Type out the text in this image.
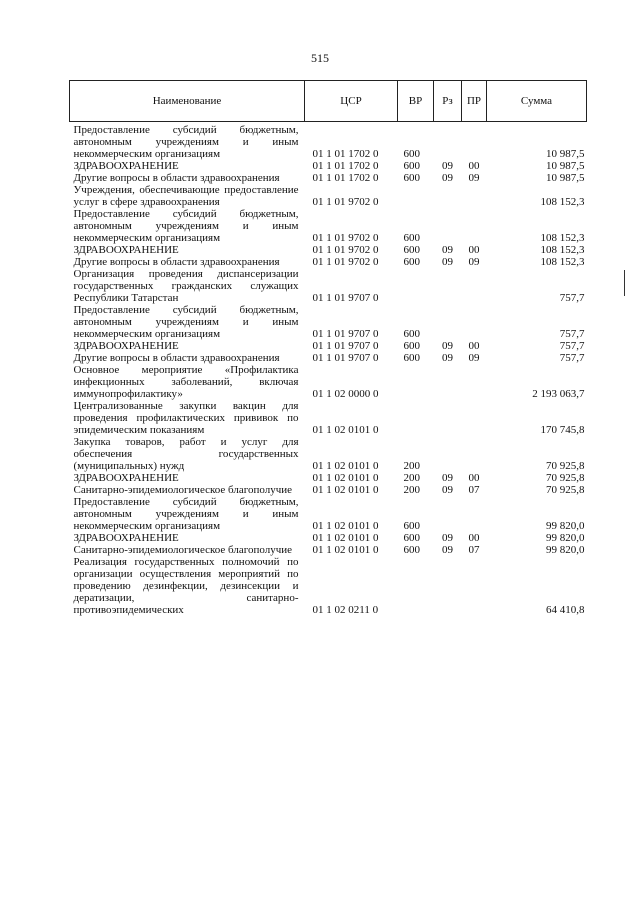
515
Наименование	ЦСР	ВР	Рз	ПР	Сумма
Предоставление субсидий бюджетным, автономным учреждениям и иным некоммерческим организациям	01 1 01 1702 0	600			10 987,5
ЗДРАВООХРАНЕНИЕ	01 1 01 1702 0	600	09	00	10 987,5
Другие вопросы в области здравоохранения	01 1 01 1702 0	600	09	09	10 987,5
Учреждения, обеспечивающие предоставление услуг в сфере здравоохранения	01 1 01 9702 0				108 152,3
Предоставление субсидий бюджетным, автономным учреждениям и иным некоммерческим организациям	01 1 01 9702 0	600			108 152,3
ЗДРАВООХРАНЕНИЕ	01 1 01 9702 0	600	09	00	108 152,3
Другие вопросы в области здравоохранения	01 1 01 9702 0	600	09	09	108 152,3
Организация проведения диспансеризации государственных гражданских служащих Республики Татарстан	01 1 01 9707 0				757,7
Предоставление субсидий бюджетным, автономным учреждениям и иным некоммерческим организациям	01 1 01 9707 0	600			757,7
ЗДРАВООХРАНЕНИЕ	01 1 01 9707 0	600	09	00	757,7
Другие вопросы в области здравоохранения	01 1 01 9707 0	600	09	09	757,7
Основное мероприятие «Профилактика инфекционных заболеваний, включая иммунопрофилактику»	01 1 02 0000 0				2 193 063,7
Централизованные закупки вакцин для проведения профилактических прививок по эпидемическим показаниям	01 1 02 0101 0				170 745,8
Закупка товаров, работ и услуг для обеспечения государственных (муниципальных) нужд	01 1 02 0101 0	200			70 925,8
ЗДРАВООХРАНЕНИЕ	01 1 02 0101 0	200	09	00	70 925,8
Санитарно-эпидемиологическое благополучие	01 1 02 0101 0	200	09	07	70 925,8
Предоставление субсидий бюджетным, автономным учреждениям и иным некоммерческим организациям	01 1 02 0101 0	600			99 820,0
ЗДРАВООХРАНЕНИЕ	01 1 02 0101 0	600	09	00	99 820,0
Санитарно-эпидемиологическое благополучие	01 1 02 0101 0	600	09	07	99 820,0
Реализация государственных полномочий по организации осуществления мероприятий по проведению дезинфекции, дезинсекции и дератизации, санитарно-противоэпидемических	01 1 02 0211 0				64 410,8
